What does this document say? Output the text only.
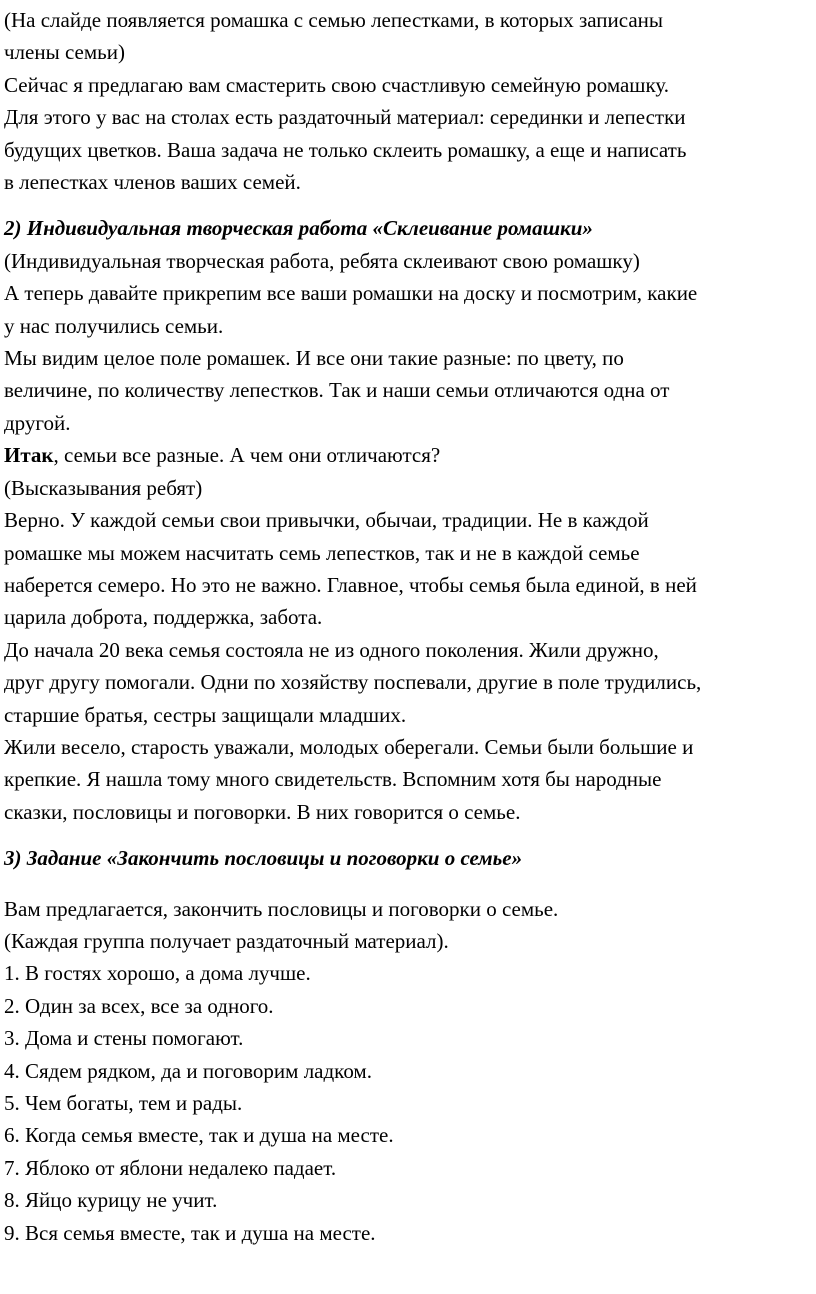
(На слайде появляется ромашка с семью лепестками, в которых записаны

члены семьи)

Сейчас я предлагаю вам смастерить свою счастливую семейную ромашку.

Для этого у вас на столах есть раздаточный материал: серединки и лепестки

будущих цветков. Ваша задача не только склеить ромашку, а еще и написать

в лепестках членов ваших семей.

2) Индивидуальная творческая работа «Склеивание ромашки»

(Индивидуальная творческая работа, ребята склеивают свою ромашку)

А теперь давайте прикрепим все ваши ромашки на доску и посмотрим, какие

у нас получились семьи.

Мы видим целое поле ромашек. И все они такие разные: по цвету, по

величине, по количеству лепестков. Так и наши семьи отличаются одна от

другой.

Итак, семьи все разные. А чем они отличаются?

(Высказывания ребят)

Верно. У каждой семьи свои привычки, обычаи, традиции. Не в каждой

ромашке мы можем насчитать семь лепестков, так и не в каждой семье

наберется семеро. Но это не важно. Главное, чтобы семья была единой, в ней

царила доброта, поддержка, забота.

До начала 20 века семья состояла не из одного поколения. Жили дружно,

друг другу помогали. Одни по хозяйству поспевали, другие в поле трудились,

старшие братья, сестры защищали младших.

Жили весело, старость уважали, молодых оберегали. Семьи были большие и

крепкие. Я нашла тому много свидетельств. Вспомним хотя бы народные

сказки, пословицы и поговорки. В них говорится о семье.

3) Задание «Закончить пословицы и поговорки о семье»

Вам предлагается, закончить пословицы и поговорки о семье.

(Каждая группа получает раздаточный материал).

1. В гостях хорошо, а дома лучше.

2. Один за всех, все за одного.

3. Дома и стены помогают.

4. Сядем рядком, да и поговорим ладком.

5. Чем богаты, тем и рады.

6. Когда семья вместе, так и душа на месте.

7. Яблоко от яблони недалеко падает.

8. Яйцо курицу не учит.

9. Вся семья вместе, так и душа на месте.
